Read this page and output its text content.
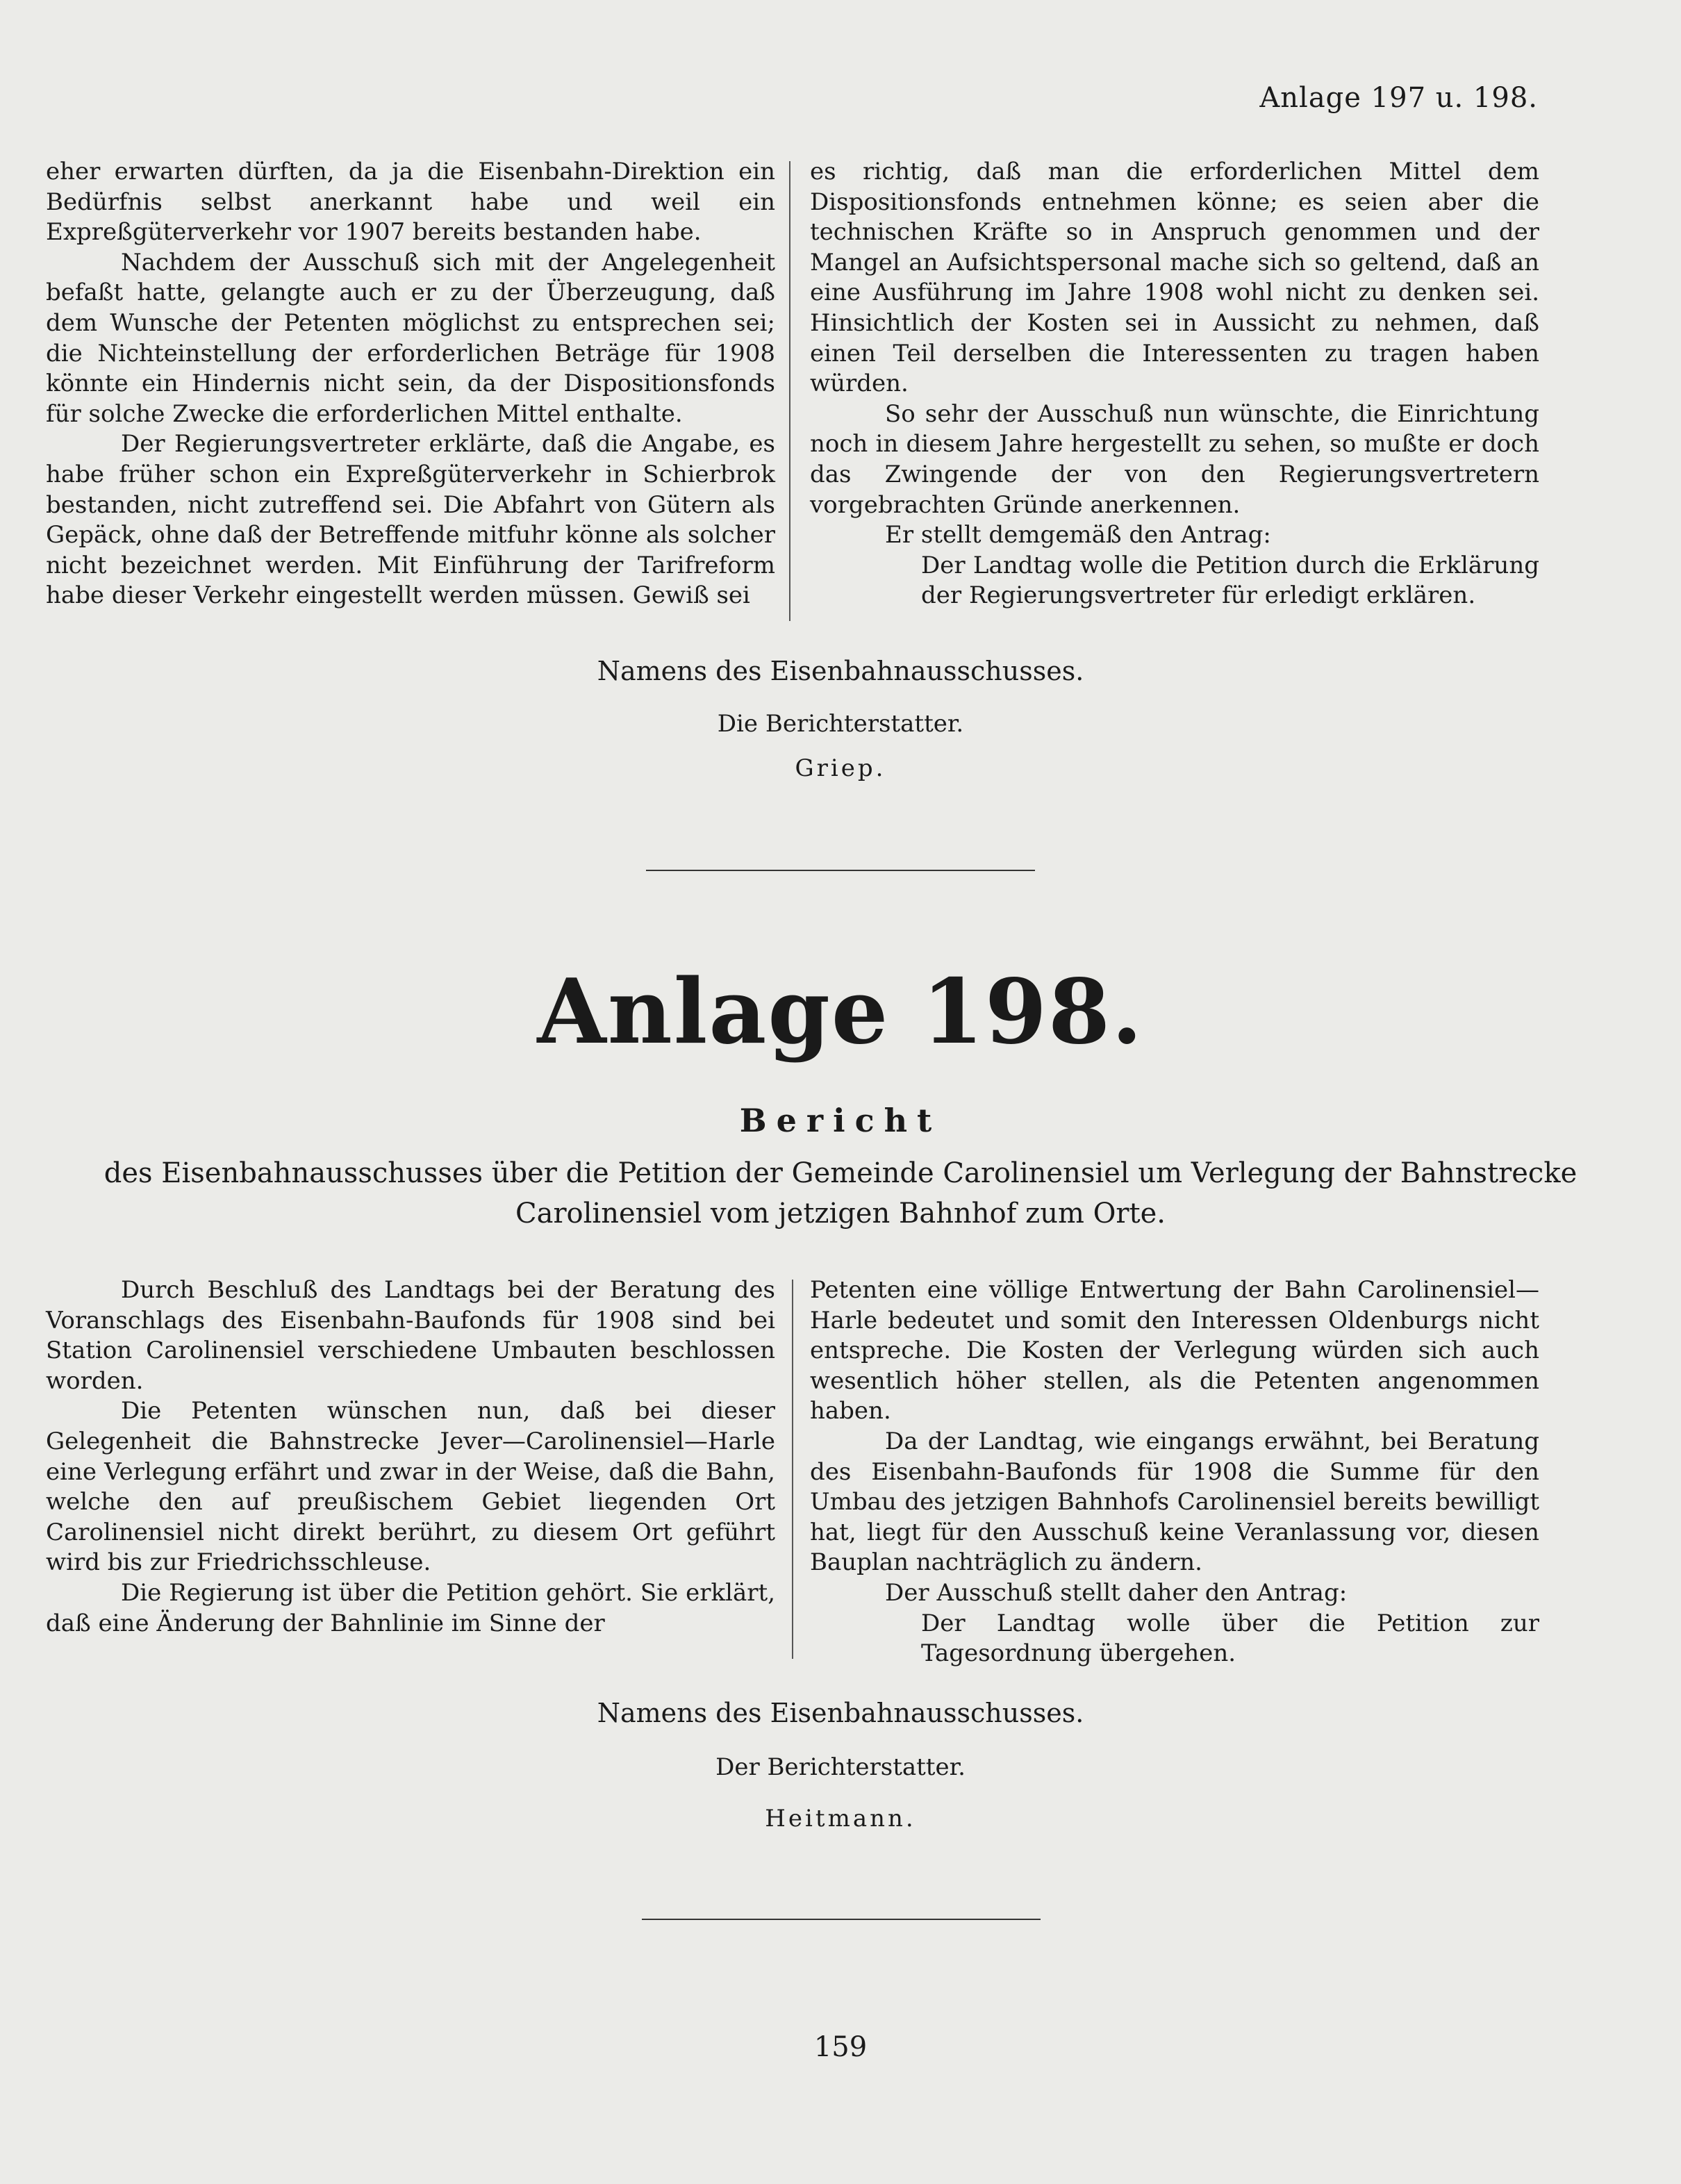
Anlage 197 u. 198.

eher erwarten dürften, da ja die Eisenbahn-Direktion ein Bedürfnis selbst anerkannt habe und weil ein Expreßgüterverkehr vor 1907 bereits bestanden habe.

Nachdem der Ausschuß sich mit der Angelegenheit befaßt hatte, gelangte auch er zu der Überzeugung, daß dem Wunsche der Petenten möglichst zu entsprechen sei; die Nichteinstellung der erforderlichen Beträge für 1908 könnte ein Hindernis nicht sein, da der Dispositionsfonds für solche Zwecke die erforderlichen Mittel enthalte.

Der Regierungsvertreter erklärte, daß die Angabe, es habe früher schon ein Expreßgüterverkehr in Schierbrok bestanden, nicht zutreffend sei. Die Abfahrt von Gütern als Gepäck, ohne daß der Betreffende mitfuhr könne als solcher nicht bezeichnet werden. Mit Einführung der Tarifreform habe dieser Verkehr eingestellt werden müssen. Gewiß sei

es richtig, daß man die erforderlichen Mittel dem Dispositionsfonds entnehmen könne; es seien aber die technischen Kräfte so in Anspruch genommen und der Mangel an Aufsichtspersonal mache sich so geltend, daß an eine Ausführung im Jahre 1908 wohl nicht zu denken sei. Hinsichtlich der Kosten sei in Aussicht zu nehmen, daß einen Teil derselben die Interessenten zu tragen haben würden.

So sehr der Ausschuß nun wünschte, die Einrichtung noch in diesem Jahre hergestellt zu sehen, so mußte er doch das Zwingende der von den Regierungsvertretern vorgebrachten Gründe anerkennen.

Er stellt demgemäß den Antrag:

Der Landtag wolle die Petition durch die Erklärung der Regierungsvertreter für erledigt erklären.

Namens des Eisenbahnausschusses.
Die Berichterstatter.
Griep.
Anlage 198.
Bericht
des Eisenbahnausschusses über die Petition der Gemeinde Carolinensiel um Verlegung der Bahnstrecke
Carolinensiel vom jetzigen Bahnhof zum Orte.

Durch Beschluß des Landtags bei der Beratung des Voranschlags des Eisenbahn-Baufonds für 1908 sind bei Station Carolinensiel verschiedene Umbauten beschlossen worden.

Die Petenten wünschen nun, daß bei dieser Gelegenheit die Bahnstrecke Jever—Carolinensiel—Harle eine Verlegung erfährt und zwar in der Weise, daß die Bahn, welche den auf preußischem Gebiet liegenden Ort Carolinensiel nicht direkt berührt, zu diesem Ort geführt wird bis zur Friedrichsschleuse.

Die Regierung ist über die Petition gehört. Sie erklärt, daß eine Änderung der Bahnlinie im Sinne der

Petenten eine völlige Entwertung der Bahn Carolinensiel—Harle bedeutet und somit den Interessen Oldenburgs nicht entspreche. Die Kosten der Verlegung würden sich auch wesentlich höher stellen, als die Petenten angenommen haben.

Da der Landtag, wie eingangs erwähnt, bei Beratung des Eisenbahn-Baufonds für 1908 die Summe für den Umbau des jetzigen Bahnhofs Carolinensiel bereits bewilligt hat, liegt für den Ausschuß keine Veranlassung vor, diesen Bauplan nachträglich zu ändern.

Der Ausschuß stellt daher den Antrag:

Der Landtag wolle über die Petition zur Tagesordnung übergehen.

Namens des Eisenbahnausschusses.
Der Berichterstatter.
Heitmann.
159
